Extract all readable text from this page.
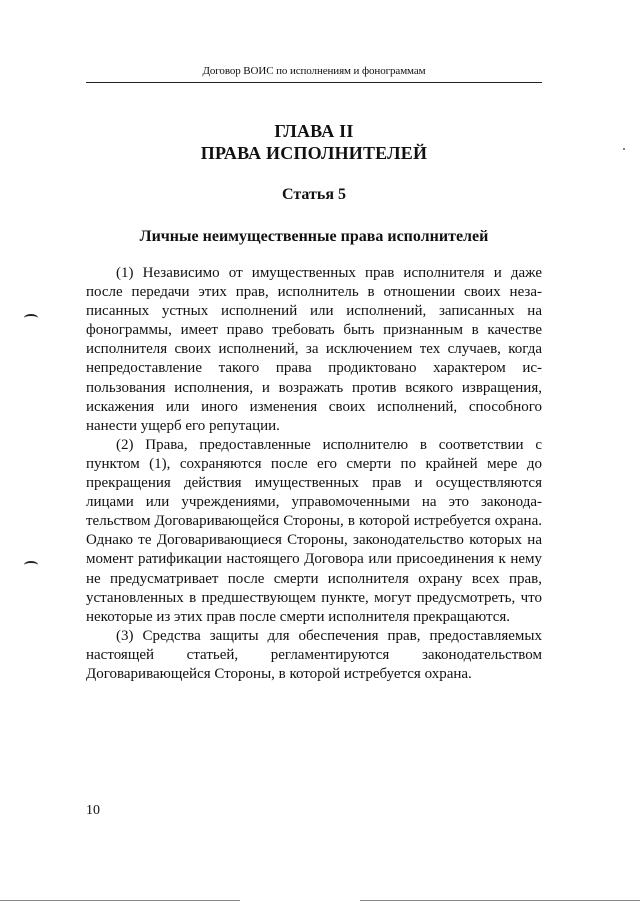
Договор ВОИС по исполнениям и фонограммам
ГЛАВА II
ПРАВА ИСПОЛНИТЕЛЕЙ
Статья 5
Личные неимущественные права исполнителей

(1) Независимо от имущественных прав исполнителя и даже после передачи этих прав, исполнитель в отношении своих незаписанных устных исполнений или исполнений, записанных на фонограммы, имеет право требовать быть признанным в качестве исполнителя своих исполнений, за исключением тех случаев, когда непредоставление такого права продиктовано характером использования исполнения, и возражать против всякого извращения, искажения или иного изменения своих исполнений, способного нанести ущерб его репутации.

(2) Права, предоставленные исполнителю в соответствии с пунктом (1), сохраняются после его смерти по крайней мере до прекращения действия имущественных прав и осуществляются лицами или учреждениями, управомоченными на это законодательством Договаривающейся Стороны, в которой истребуется охрана. Однако те Договаривающиеся Стороны, законодательство которых на момент ратификации настоящего Договора или присоединения к нему не предусматривает после смерти исполнителя охрану всех прав, установленных в предшествующем пункте, могут предусмотреть, что некоторые из этих прав после смерти исполнителя прекращаются.

(3) Средства защиты для обеспечения прав, предоставляемых настоящей статьей, регламентируются законодательством Договаривающейся Стороны, в которой истребуется охрана.

10
